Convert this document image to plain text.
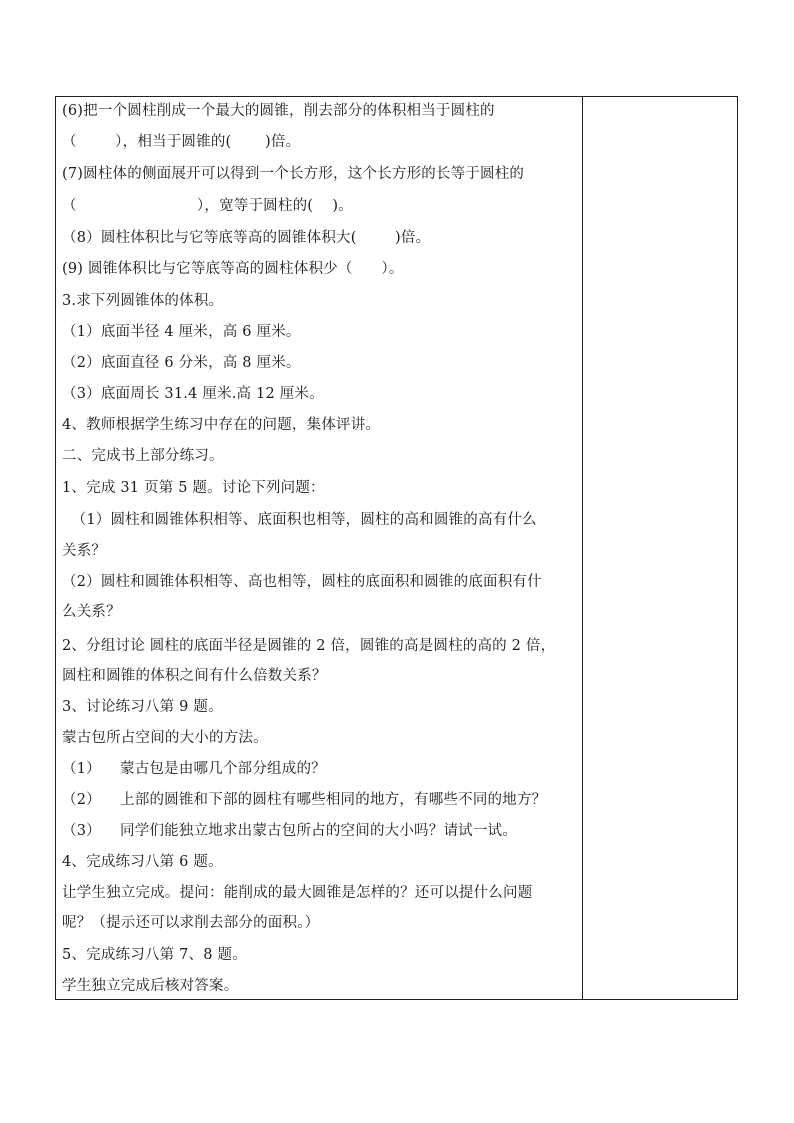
(6)把一个圆柱削成一个最大的圆锥，削去部分的体积相当于圆柱的
（        ），相当于圆锥的(       )倍。
(7)圆柱体的侧面展开可以得到一个长方形，这个长方形的长等于圆柱的
（                         ），宽等于圆柱的(    )。
（8）圆柱体积比与它等底等高的圆锥体积大(        )倍。
(9) 圆锥体积比与它等底等高的圆柱体积少（      ）。
3.求下列圆锥体的体积。
（1）底面半径 4 厘米，高 6 厘米。
（2）底面直径 6 分米，高 8 厘米。
（3）底面周长 31.4 厘米.高 12 厘米。
4、教师根据学生练习中存在的问题，集体评讲。
二、完成书上部分练习。
1、完成 31 页第 5 题。讨论下列问题：
（1）圆柱和圆锥体积相等、底面积也相等，圆柱的高和圆锥的高有什么
关系？
（2）圆柱和圆锥体积相等、高也相等，圆柱的底面积和圆锥的底面积有什
么关系？
2、分组讨论 圆柱的底面半径是圆锥的 2 倍，圆锥的高是圆柱的高的 2 倍，
圆柱和圆锥的体积之间有什么倍数关系？
3、讨论练习八第 9 题。
蒙古包所占空间的大小的方法。
（1）    蒙古包是由哪几个部分组成的？
（2）    上部的圆锥和下部的圆柱有哪些相同的地方，有哪些不同的地方？
（3）    同学们能独立地求出蒙古包所占的空间的大小吗？请试一试。
4、完成练习八第 6 题。
让学生独立完成。提问：能削成的最大圆锥是怎样的？还可以提什么问题
呢？（提示还可以求削去部分的面积。）
5、完成练习八第 7、8 题。
学生独立完成后核对答案。
